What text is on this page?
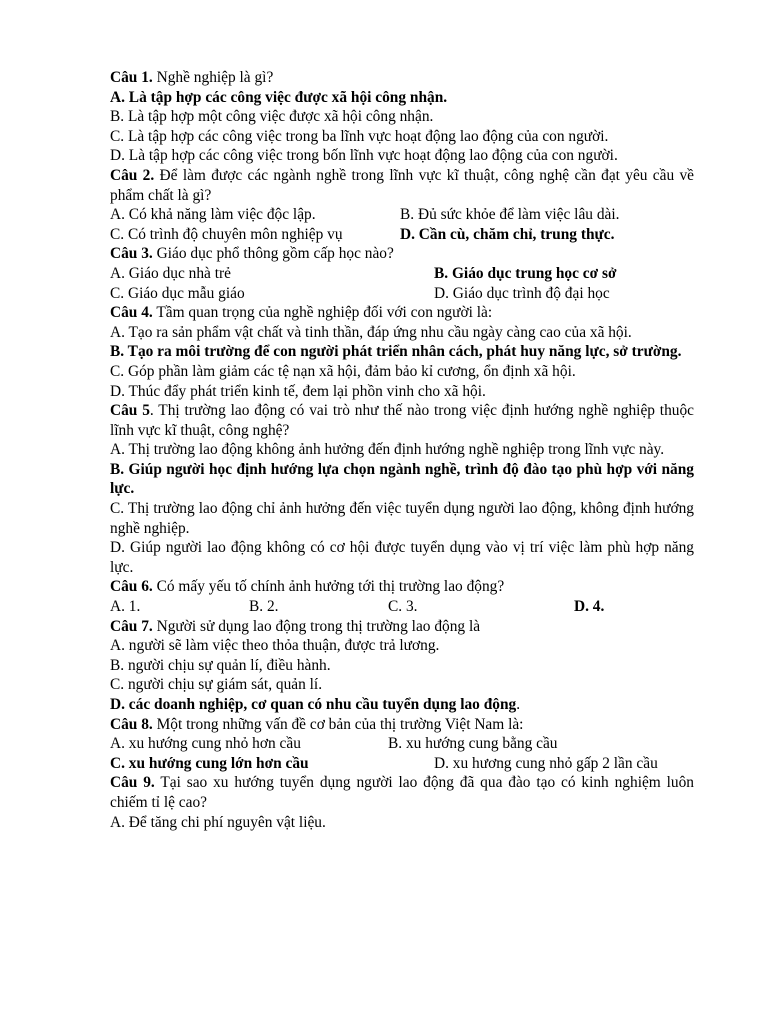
Câu 1. Nghề nghiệp là gì?
A. Là tập hợp các công việc được xã hội công nhận.
B. Là tập hợp một công việc được xã hội công nhận.
C. Là tập hợp các công việc trong ba lĩnh vực hoạt động lao động của con người.
D. Là tập hợp các công việc trong bốn lĩnh vực hoạt động lao động của con người.
Câu 2. Để làm được các ngành nghề trong lĩnh vực kĩ thuật, công nghệ cần đạt yêu cầu về phẩm chất là gì?
A. Có khả năng làm việc độc lập.	B. Đủ sức khỏe để làm việc lâu dài.
C. Có trình độ chuyên môn nghiệp vụ	D. Cần cù, chăm chỉ, trung thực.
Câu 3. Giáo dục phổ thông gồm cấp học nào?
A. Giáo dục nhà trẻ	B. Giáo dục trung học cơ sở
C. Giáo dục mẫu giáo	D. Giáo dục trình độ đại học
Câu 4. Tầm quan trọng của nghề nghiệp đối với con người là:
A. Tạo ra sản phẩm vật chất và tinh thần, đáp ứng nhu cầu ngày càng cao của xã hội.
B. Tạo ra môi trường để con người phát triển nhân cách, phát huy năng lực, sở trường.
C. Góp phần làm giảm các tệ nạn xã hội, đảm bảo kỉ cương, ổn định xã hội.
D. Thúc đẩy phát triển kinh tế, đem lại phồn vinh cho xã hội.
Câu 5. Thị trường lao động có vai trò như thế nào trong việc định hướng nghề nghiệp thuộc lĩnh vực kĩ thuật, công nghệ?
A. Thị trường lao động không ảnh hưởng đến định hướng nghề nghiệp trong lĩnh vực này.
B. Giúp người học định hướng lựa chọn ngành nghề, trình độ đào tạo phù hợp với năng lực.
C. Thị trường lao động chỉ ảnh hưởng đến việc tuyển dụng người lao động, không định hướng nghề nghiệp.
D. Giúp người lao động không có cơ hội được tuyển dụng vào vị trí việc làm phù hợp năng lực.
Câu 6. Có mấy yếu tố chính ảnh hưởng tới thị trường lao động?
A. 1.	B. 2.	C. 3.	D. 4.
Câu 7. Người sử dụng lao động trong thị trường lao động là
A. người sẽ làm việc theo thỏa thuận, được trả lương.
B. người chịu sự quản lí, điều hành.
C. người chịu sự giám sát, quản lí.
D. các doanh nghiệp, cơ quan có nhu cầu tuyển dụng lao động.
Câu 8. Một trong những vấn đề cơ bản của thị trường Việt Nam là:
A. xu hướng cung nhỏ hơn cầu	B. xu hướng cung bằng cầu
C. xu hướng cung lớn hơn cầu	D. xu hương cung nhỏ gấp 2 lần cầu
Câu 9. Tại sao xu hướng tuyển dụng người lao động đã qua đào tạo có kinh nghiệm luôn chiếm tỉ lệ cao?
A. Để tăng chi phí nguyên vật liệu.
